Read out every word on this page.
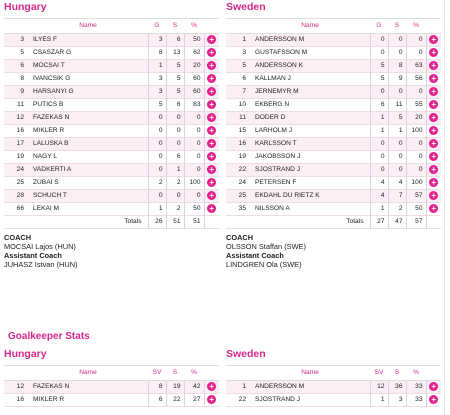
Hungary
	Name	G	S	%	
3	ILYES F	3	6	50	+
5	CSASZAR G	8	13	62	+
6	MOCSAI T	1	5	20	+
8	IVANCSIK G	3	5	60	+
9	HARSANYI G	3	5	60	+
11	PUTICS B	5	6	83	+
12	FAZEKAS N	0	0	0	+
16	MIKLER R	0	0	0	+
17	LALUSKA B	0	0	0	+
19	NAGY L	0	6	0	+
24	VADKERTI A	0	1	0	+
25	ZUBAI S	2	2	100	+
28	SCHUCH T	0	0	0	+
66	LEKAI M	1	2	50	+
Totals		26	51	51	
COACH
MOCSAI Lajos (HUN)
Assistant Coach
JUHASZ Istvan (HUN)
Sweden
	Name	G	S	%	
1	ANDERSSON M	0	0	0	+
3	GUSTAFSSON M	0	0	0	+
5	ANDERSSON K	5	8	63	+
6	KALLMAN J	5	9	56	+
7	JERNEMYR M	0	0	0	+
10	EKBERG N	6	11	55	+
11	DODER D	1	5	20	+
15	LARHOLM J	1	1	100	+
16	KARLSSON T	0	0	0	+
19	JAKOBSSON J	0	0	0	+
22	SJOSTRAND J	0	0	0	+
24	PETERSEN F	4	4	100	+
25	EKDAHL DU RIETZ K	4	7	57	+
35	NILSSON A	1	2	50	+
Totals		27	47	57	
COACH
OLSSON Staffan (SWE)
Assistant Coach
LINDGREN Ola (SWE)
Goalkeeper Stats
Hungary
	Name	SV	S	%	
12	FAZEKAS N	8	19	42	+
16	MIKLER R	6	22	27	+
Sweden
	Name	SV	S	%	
1	ANDERSSON M	12	36	33	+
22	SJOSTRAND J	1	3	33	+
